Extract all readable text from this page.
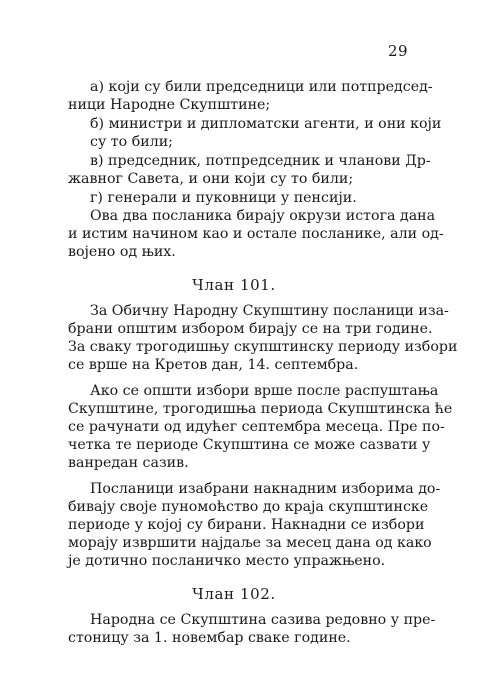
29
а) који су били председници или потпредсед-
ници Народне Скупштине;
б) министри и дипломатски агенти, и они који
су то били;
в) председник, потпредседник и чланови Др-
жавног Савета, и они који су то били;
г) генерали и пуковници у пенсији.
Ова два посланика бирају окрузи истога дана
и истим начином као и остале посланике, али од-
војено од њих.
Члан 101.
За Обичну Народну Скупштину посланици иза-
брани општим избором бирају се на три године.
За сваку трогодишњу скупштинску периоду избори
се врше на Кретов дан, 14. септембра.
Ако се општи избори врше после распуштања
Скупштине, трогодишња периода Скупштинска ће
се рачунати од идућег септембра месеца. Пре по-
четка те периоде Скупштина се може сазвати у
ванредан сазив.
Посланици изабрани накнадним изборима до-
бивају своје пуномоћство до краја скупштинске
периоде у којој су бирани. Накнадни се избори
морају извршити најдаље за месец дана од како
је дотично посланичко место упражњено.
Члан 102.
Народна се Скупштина сазива редовно у пре-
стоницу за 1. новембар сваке године.
